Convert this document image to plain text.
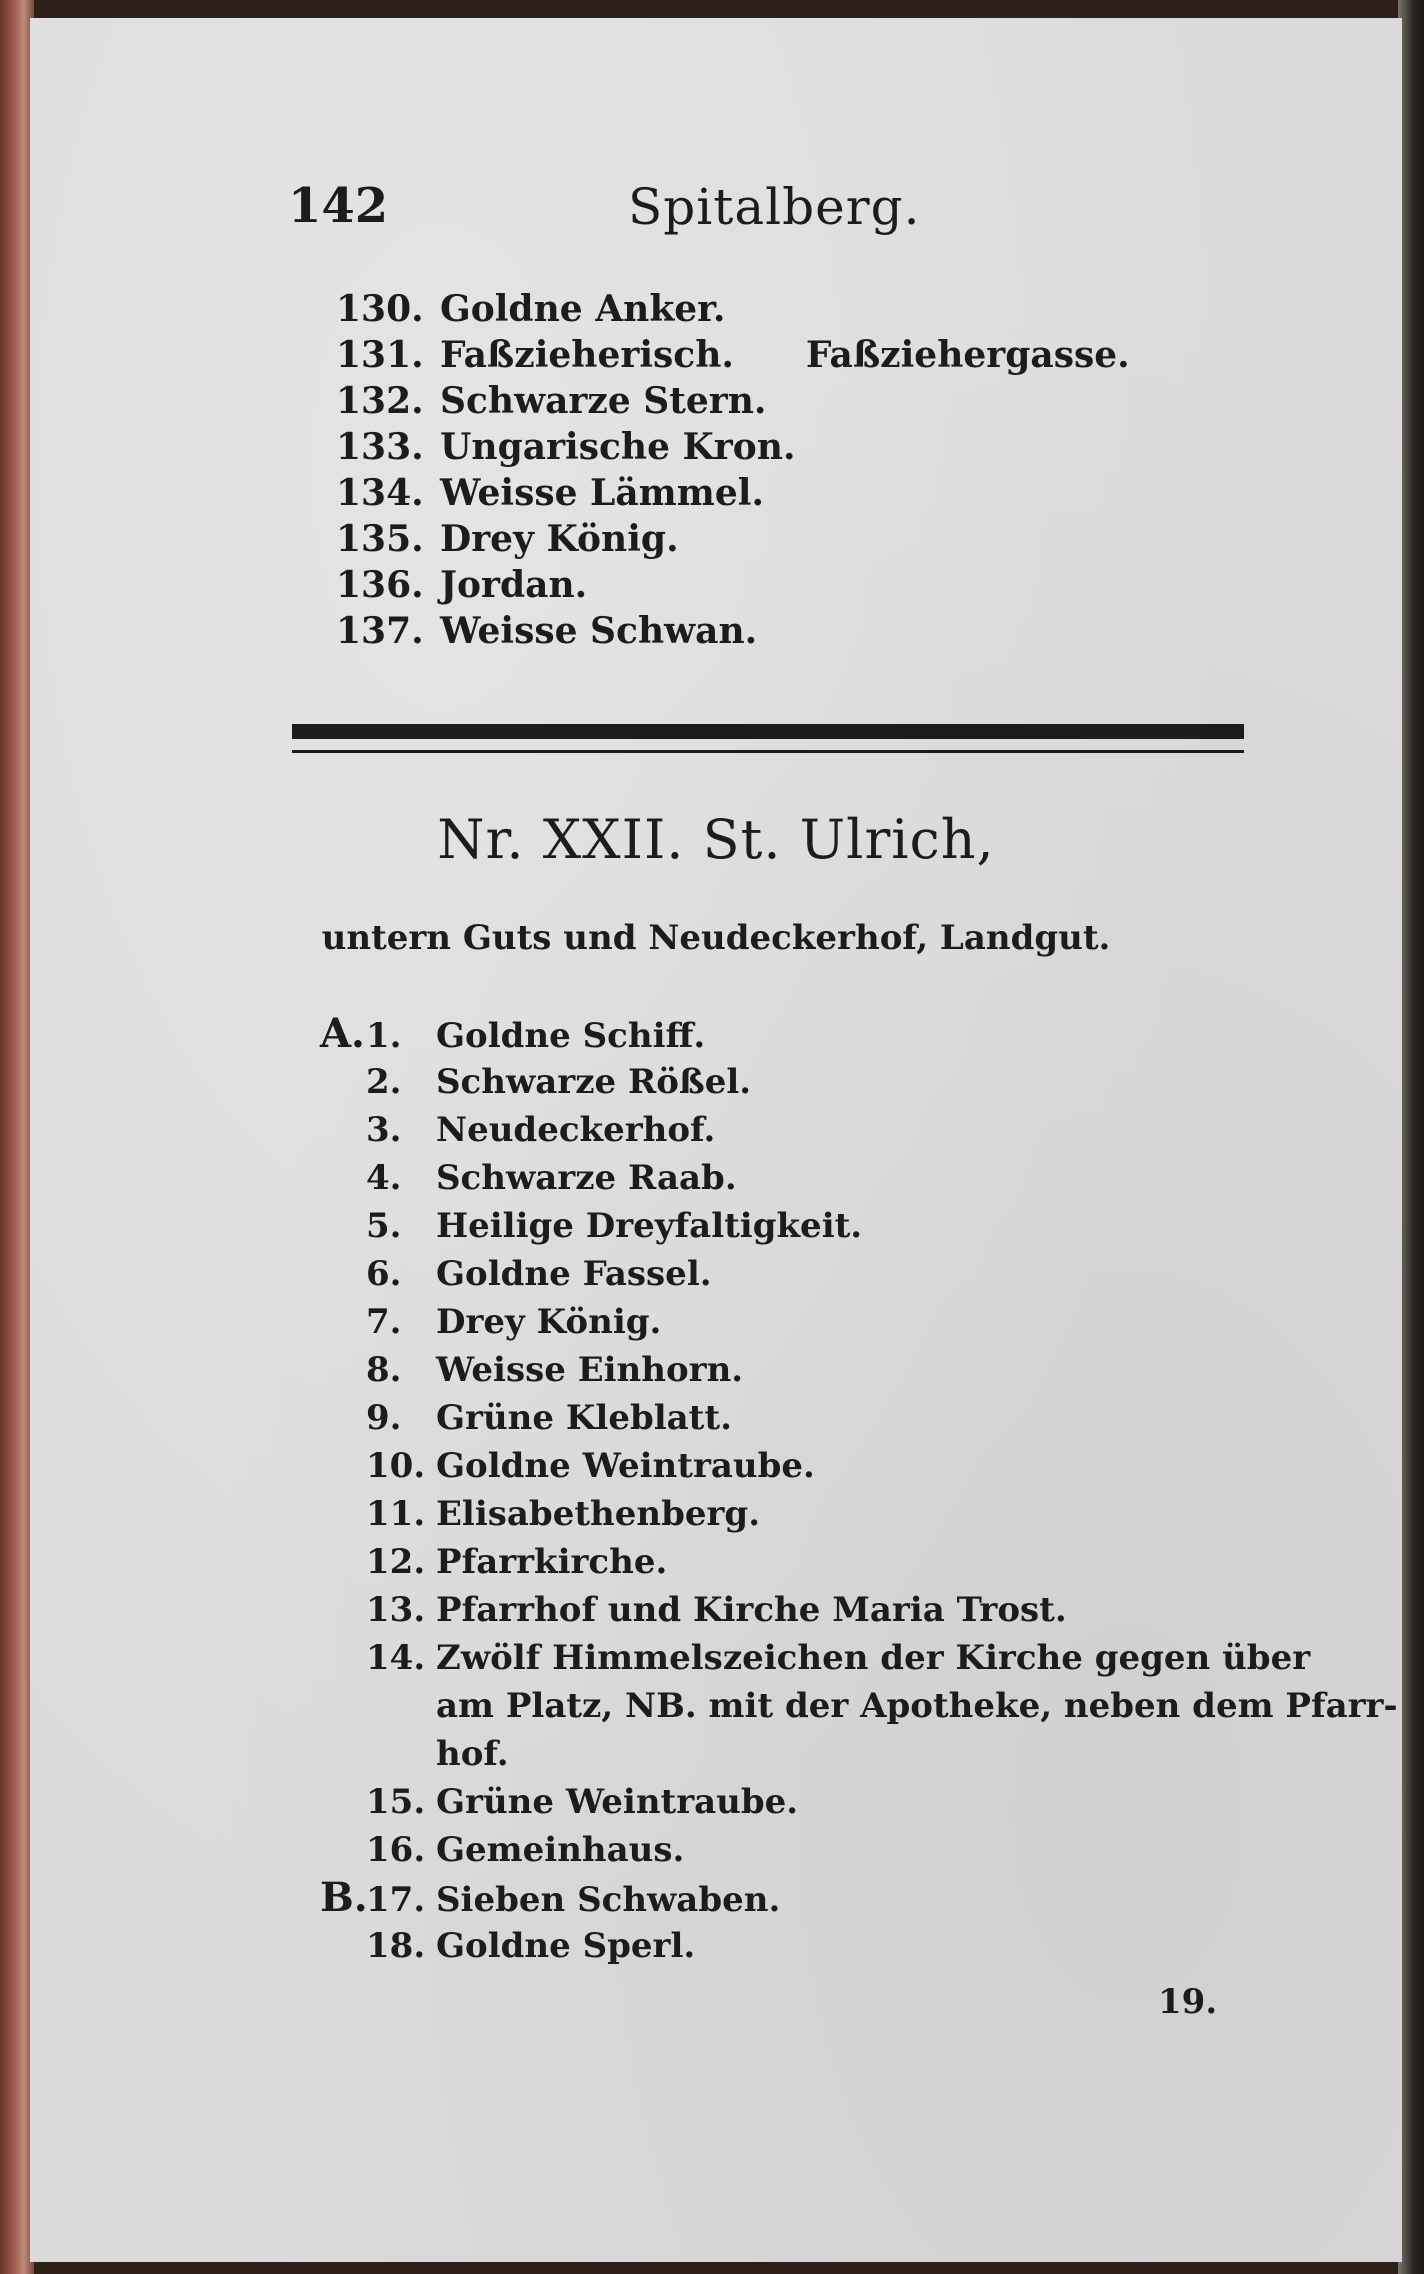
142	Spitalberg.
130. Goldne Anker.
131. Faßzieherisch. Faßziehergasse.
132. Schwarze Stern.
133. Ungarische Kron.
134. Weisse Lämmel.
135. Drey König.
136. Jordan.
137. Weisse Schwan.
Nr. XXII. St. Ulrich,
untern Guts und Neudeckerhof, Landgut.
A.1. Goldne Schiff.
2. Schwarze Rößel.
3. Neudeckerhof.
4. Schwarze Raab.
5. Heilige Dreyfaltigkeit.
6. Goldne Fassel.
7. Drey König.
8. Weisse Einhorn.
9. Grüne Kleblatt.
10. Goldne Weintraube.
11. Elisabethenberg.
12. Pfarrkirche.
13. Pfarrhof und Kirche Maria Trost.
14. Zwölf Himmelszeichen der Kirche gegen über
am Platz, NB. mit der Apotheke, neben dem Pfarr-
hof.
15. Grüne Weintraube.
16. Gemeinhaus.
B.17. Sieben Schwaben.
18. Goldne Sperl.
19.
